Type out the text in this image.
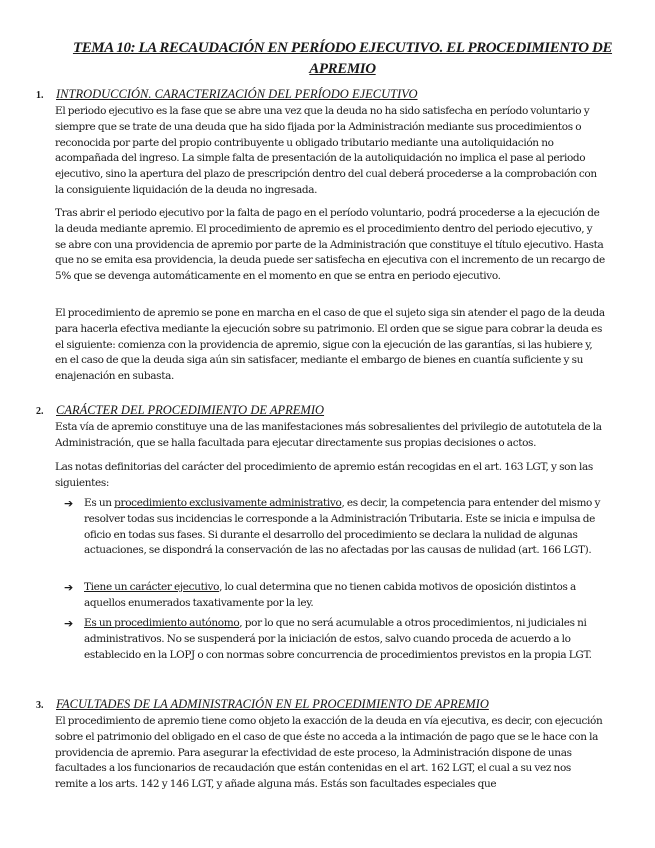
TEMA 10: LA RECAUDACIÓN EN PERÍODO EJECUTIVO. EL PROCEDIMIENTO DE APREMIO
1. INTRODUCCIÓN. CARACTERIZACIÓN DEL PERÍODO EJECUTIVO
El periodo ejecutivo es la fase que se abre una vez que la deuda no ha sido satisfecha en período voluntario y siempre que se trate de una deuda que ha sido fijada por la Administración mediante sus procedimientos o reconocida por parte del propio contribuyente u obligado tributario mediante una autoliquidación no acompañada del ingreso. La simple falta de presentación de la autoliquidación no implica el pase al periodo ejecutivo, sino la apertura del plazo de prescripción dentro del cual deberá procederse a la comprobación con la consiguiente liquidación de la deuda no ingresada.
Tras abrir el periodo ejecutivo por la falta de pago en el período voluntario, podrá procederse a la ejecución de la deuda mediante apremio. El procedimiento de apremio es el procedimiento dentro del periodo ejecutivo, y se abre con una providencia de apremio por parte de la Administración que constituye el título ejecutivo. Hasta que no se emita esa providencia, la deuda puede ser satisfecha en ejecutiva con el incremento de un recargo de 5% que se devenga automáticamente en el momento en que se entra en periodo ejecutivo.
El procedimiento de apremio se pone en marcha en el caso de que el sujeto siga sin atender el pago de la deuda para hacerla efectiva mediante la ejecución sobre su patrimonio. El orden que se sigue para cobrar la deuda es el siguiente: comienza con la providencia de apremio, sigue con la ejecución de las garantías, si las hubiere y, en el caso de que la deuda siga aún sin satisfacer, mediante el embargo de bienes en cuantía suficiente y su enajenación en subasta.
2. CARÁCTER DEL PROCEDIMIENTO DE APREMIO
Esta vía de apremio constituye una de las manifestaciones más sobresalientes del privilegio de autotutela de la Administración, que se halla facultada para ejecutar directamente sus propias decisiones o actos.
Las notas definitorias del carácter del procedimiento de apremio están recogidas en el art. 163 LGT, y son las siguientes:
➔ Es un procedimiento exclusivamente administrativo, es decir, la competencia para entender del mismo y resolver todas sus incidencias le corresponde a la Administración Tributaria. Este se inicia e impulsa de oficio en todas sus fases. Si durante el desarrollo del procedimiento se declara la nulidad de algunas actuaciones, se dispondrá la conservación de las no afectadas por las causas de nulidad (art. 166 LGT).
➔ Tiene un carácter ejecutivo, lo cual determina que no tienen cabida motivos de oposición distintos a aquellos enumerados taxativamente por la ley.
➔ Es un procedimiento autónomo, por lo que no será acumulable a otros procedimientos, ni judiciales ni administrativos. No se suspenderá por la iniciación de estos, salvo cuando proceda de acuerdo a lo establecido en la LOPJ o con normas sobre concurrencia de procedimientos previstos en la propia LGT.
3. FACULTADES DE LA ADMINISTRACIÓN EN EL PROCEDIMIENTO DE APREMIO
El procedimiento de apremio tiene como objeto la exacción de la deuda en vía ejecutiva, es decir, con ejecución sobre el patrimonio del obligado en el caso de que éste no acceda a la intimación de pago que se le hace con la providencia de apremio. Para asegurar la efectividad de este proceso, la Administración dispone de unas facultades a los funcionarios de recaudación que están contenidas en el art. 162 LGT, el cual a su vez nos remite a los arts. 142 y 146 LGT, y añade alguna más. Estás son facultades especiales que
